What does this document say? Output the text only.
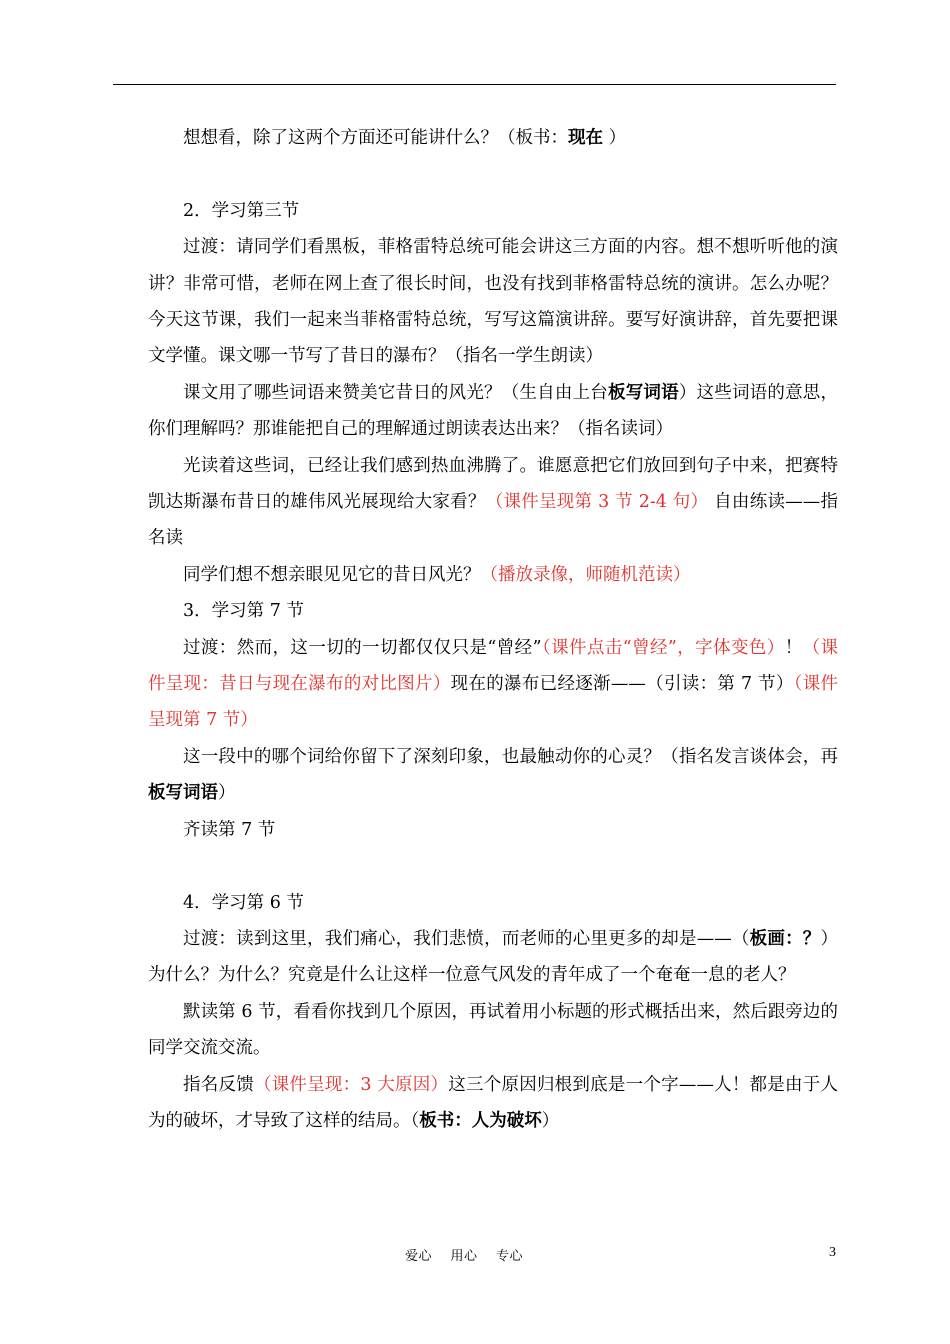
想想看，除了这两个方面还可能讲什么？（板书：现在 ）

2．学习第三节

过渡：请同学们看黑板，菲格雷特总统可能会讲这三方面的内容。想不想听听他的演讲？非常可惜，老师在网上查了很长时间，也没有找到菲格雷特总统的演讲。怎么办呢？今天这节课，我们一起来当菲格雷特总统，写写这篇演讲辞。要写好演讲辞，首先要把课文学懂。课文哪一节写了昔日的瀑布？（指名一学生朗读）

课文用了哪些词语来赞美它昔日的风光？（生自由上台板写词语）这些词语的意思，你们理解吗？那谁能把自己的理解通过朗读表达出来？（指名读词）

光读着这些词，已经让我们感到热血沸腾了。谁愿意把它们放回到句子中来，把赛特凯达斯瀑布昔日的雄伟风光展现给大家看？（课件呈现第 3 节 2-4 句） 自由练读——指名读

同学们想不想亲眼见见它的昔日风光？（播放录像，师随机范读）

3．学习第 7 节

过渡：然而，这一切的一切都仅仅只是“曾经”（课件点击“曾经”，字体变色）！（课件呈现：昔日与现在瀑布的对比图片）现在的瀑布已经逐渐——（引读：第 7 节）（课件呈现第 7 节）

这一段中的哪个词给你留下了深刻印象，也最触动你的心灵？（指名发言谈体会，再板写词语）

齐读第 7 节

4．学习第 6 节

过渡：读到这里，我们痛心，我们悲愤，而老师的心里更多的却是——（板画：？）为什么？为什么？究竟是什么让这样一位意气风发的青年成了一个奄奄一息的老人？

默读第 6 节，看看你找到几个原因，再试着用小标题的形式概括出来，然后跟旁边的同学交流交流。

指名反馈（课件呈现：3 大原因）这三个原因归根到底是一个字——人！都是由于人为的破坏，才导致了这样的结局。（板书：人为破坏）

爱心    用心    专心	3
